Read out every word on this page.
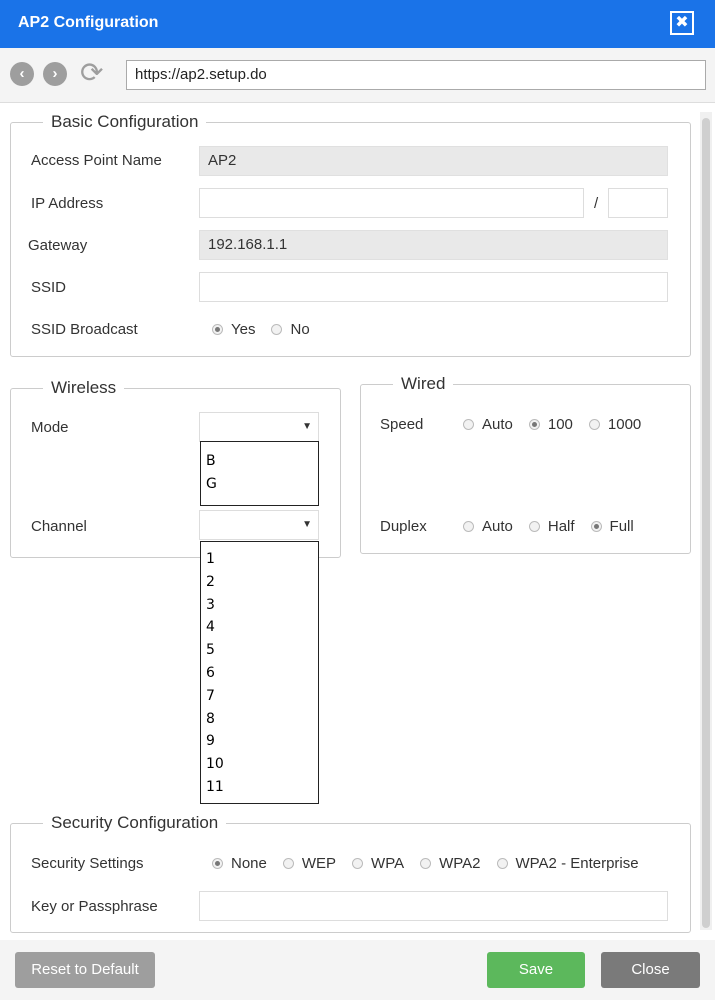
AP2 Configuration	✖
‹	› ⟳	https://ap2.setup.do
Basic Configuration
Access Point Name	AP2
IP Address	/
Gateway	192.168.1.1
SSID
SSID Broadcast	Yes No
Wireless
Mode	▼
B
G
Channel	▼
1
2
3
4
5
6
7
8
9
10
11
Wired
Speed	Auto 100 1000
Duplex	Auto Half Full
Security Configuration
Security Settings	None WEP WPA WPA2 WPA2 - Enterprise
Key or Passphrase
Reset to Default	Save	Close
